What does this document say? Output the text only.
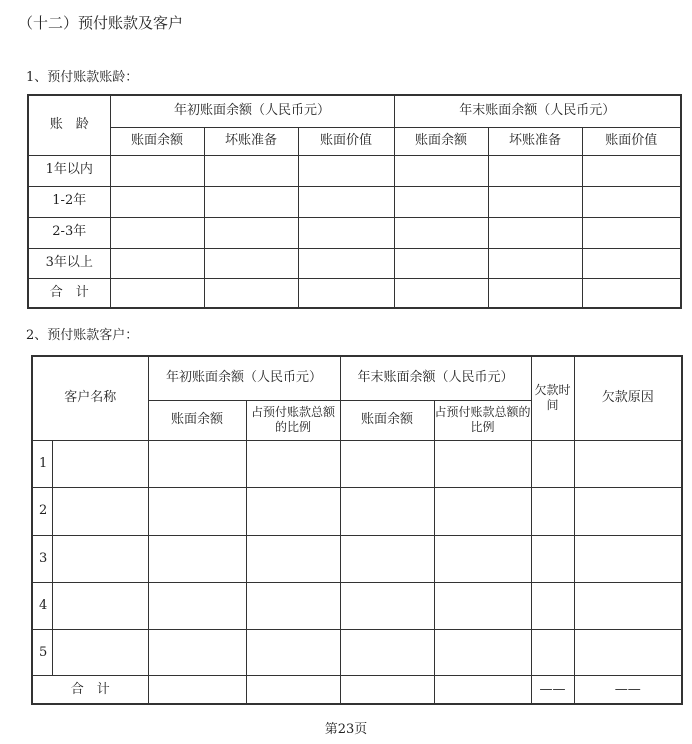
（十二）预付账款及客户
1、预付账款账龄：
账　龄	年初账面余额（人民币元）			年末账面余额（人民币元）		
	账面余额	坏账准备	账面价值	账面余额	坏账准备	账面价值
1年以内						
1-2年						
2-3年						
3年以上						
合　计						
2、预付账款客户：
客户名称		年初账面余额（人民币元）		年末账面余额（人民币元）		欠款时间	欠款原因
		账面余额	占预付账款总额的比例	账面余额	占预付账款总额的比例		
1							
2							
3							
4							
5							
合　计						——	——
第23页
